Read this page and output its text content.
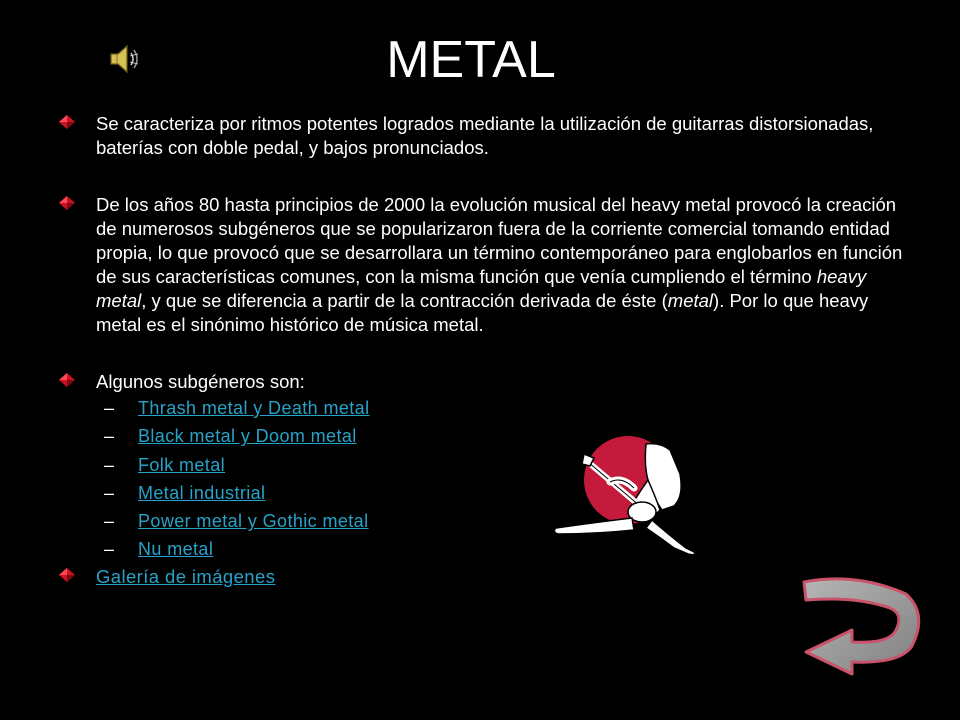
METAL
Se caracteriza por ritmos potentes logrados mediante la utilización de guitarras distorsionadas, baterías con doble pedal, y bajos pronunciados.
De los años 80 hasta principios de 2000 la evolución musical del heavy metal provocó la creación de numerosos subgéneros que se popularizaron fuera de la corriente comercial tomando entidad propia, lo que provocó que se desarrollara un término contemporáneo para englobarlos en función de sus características comunes, con la misma función que venía cumpliendo el término heavy metal, y que se diferencia a partir de la contracción derivada de éste (metal). Por lo que heavy metal es el sinónimo histórico de música metal.
Algunos subgéneros son:
– Thrash metal y Death metal
– Black metal y Doom metal
– Folk metal
– Metal industrial
– Power metal y Gothic metal
– Nu metal
Galería de imágenes
